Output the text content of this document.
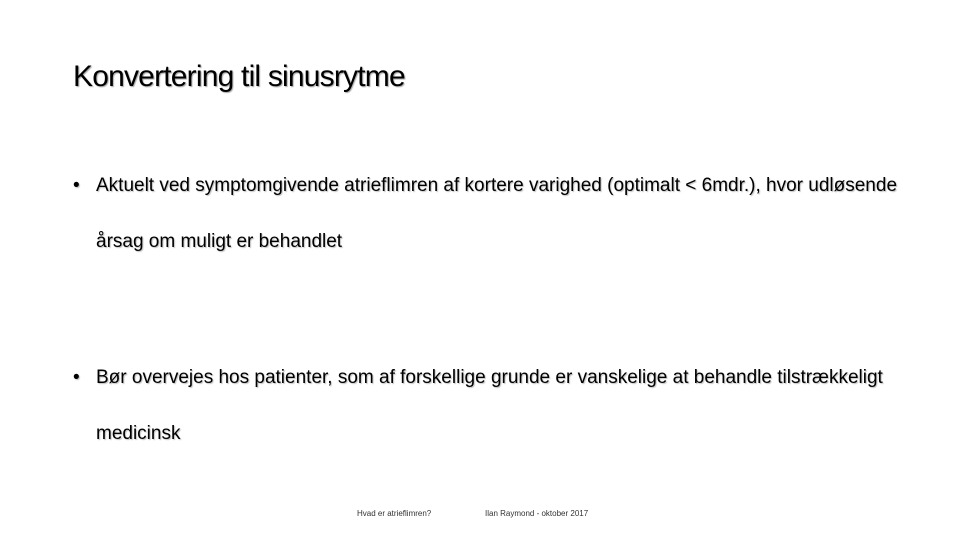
Konvertering til sinusrytme
• Aktuelt ved symptomgivende atrieflimren af kortere varighed (optimalt < 6mdr.), hvor udløsende årsag om muligt er behandlet
• Bør overvejes hos patienter, som af forskellige grunde er vanskelige at behandle tilstrækkeligt medicinsk
Hvad er atrieflimren?	Ilan Raymond - oktober 2017
